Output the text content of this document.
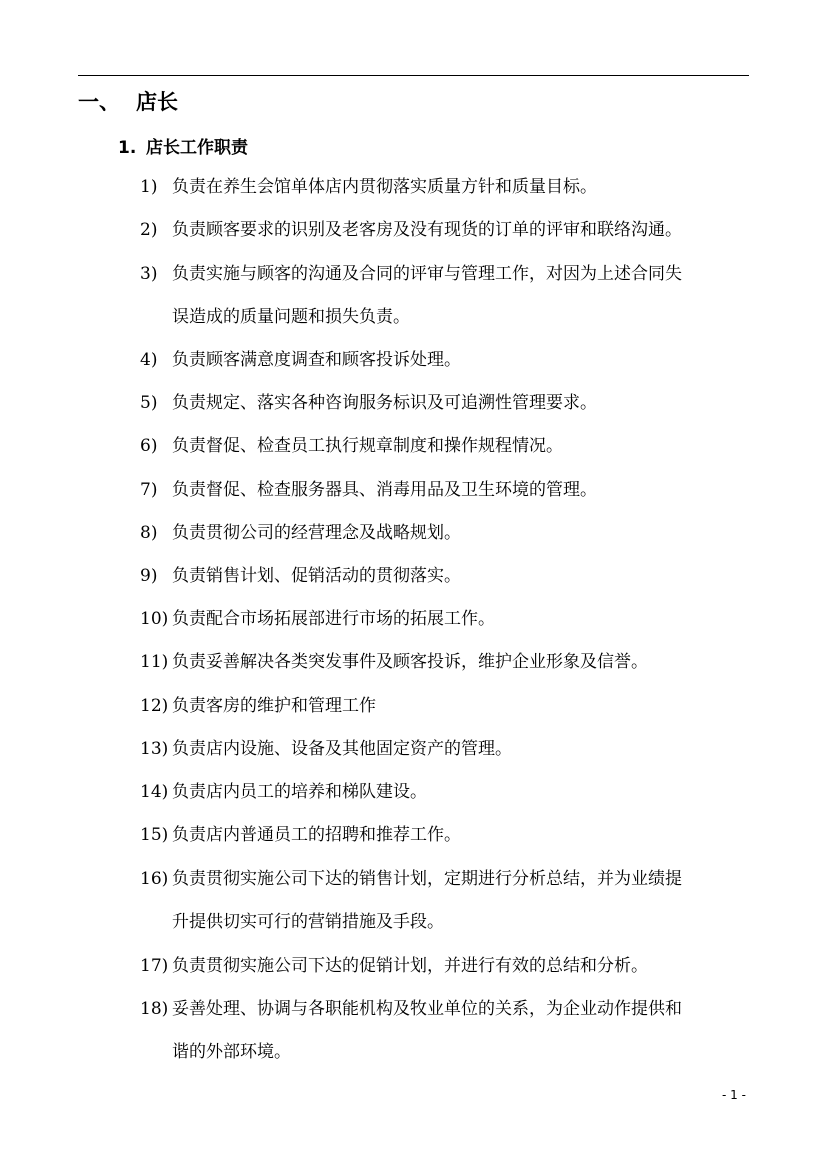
一、 店长
1. 店长工作职责
1) 负责在养生会馆单体店内贯彻落实质量方针和质量目标。
2) 负责顾客要求的识别及老客房及没有现货的订单的评审和联络沟通。
3) 负责实施与顾客的沟通及合同的评审与管理工作，对因为上述合同失
误造成的质量问题和损失负责。
4) 负责顾客满意度调查和顾客投诉处理。
5) 负责规定、落实各种咨询服务标识及可追溯性管理要求。
6) 负责督促、检查员工执行规章制度和操作规程情况。
7) 负责督促、检查服务器具、消毒用品及卫生环境的管理。
8) 负责贯彻公司的经营理念及战略规划。
9) 负责销售计划、促销活动的贯彻落实。
10) 负责配合市场拓展部进行市场的拓展工作。
11) 负责妥善解决各类突发事件及顾客投诉，维护企业形象及信誉。
12) 负责客房的维护和管理工作
13) 负责店内设施、设备及其他固定资产的管理。
14) 负责店内员工的培养和梯队建设。
15) 负责店内普通员工的招聘和推荐工作。
16) 负责贯彻实施公司下达的销售计划，定期进行分析总结，并为业绩提
升提供切实可行的营销措施及手段。
17) 负责贯彻实施公司下达的促销计划，并进行有效的总结和分析。
18) 妥善处理、协调与各职能机构及牧业单位的关系，为企业动作提供和
谐的外部环境。
- 1 -
